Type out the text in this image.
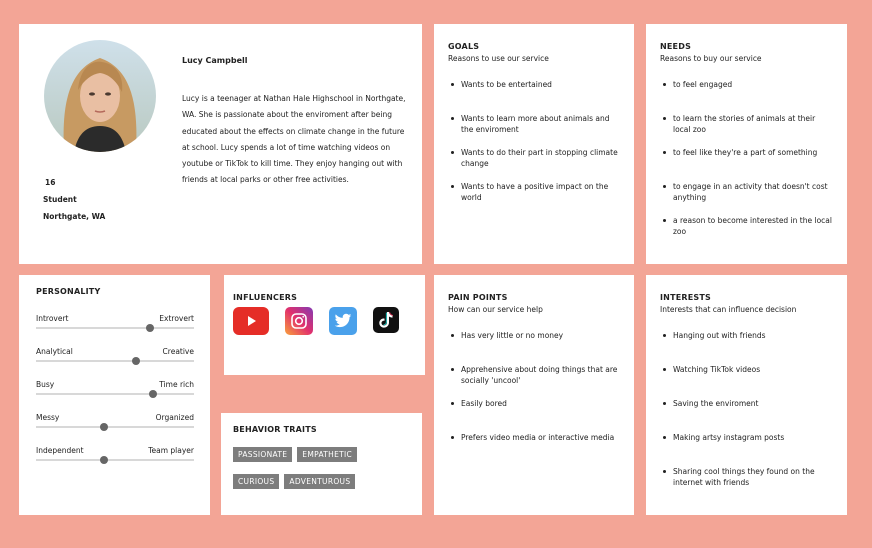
Lucy Campbell
Lucy is a teenager at Nathan Hale Highschool in Northgate, WA. She is passionate about the enviroment after being educated about the effects on climate change in the future at school. Lucy spends a lot of time watching videos on youtube or TikTok to kill time. They enjoy hanging out with friends at local parks or other free activities.
16
Student
Northgate, WA
GOALS
Reasons to use our service
Wants to be entertained
Wants to learn more about animals and the enviroment
Wants to do their part in stopping climate change
Wants to have a positive impact on the world
NEEDS
Reasons to buy our service
to feel engaged
to learn the stories of animals at their local zoo
to feel like they're a part of something
to engage in an activity that doesn't cost anything
a reason to become interested in the local zoo
PERSONALITY
Introvert	Extrovert
Analytical	Creative
Busy	Time rich
Messy	Organized
Independent	Team player
INFLUENCERS
BEHAVIOR TRAITS
PASSIONATE EMPATHETIC
CURIOUS ADVENTUROUS
PAIN POINTS
How can our service help
Has very little or no money
Apprehensive about doing things that are socially 'uncool'
Easily bored
Prefers video media or interactive media
INTERESTS
Interests that can influence decision
Hanging out with friends
Watching TikTok videos
Saving the enviroment
Making artsy instagram posts
Sharing cool things they found on the internet with friends
